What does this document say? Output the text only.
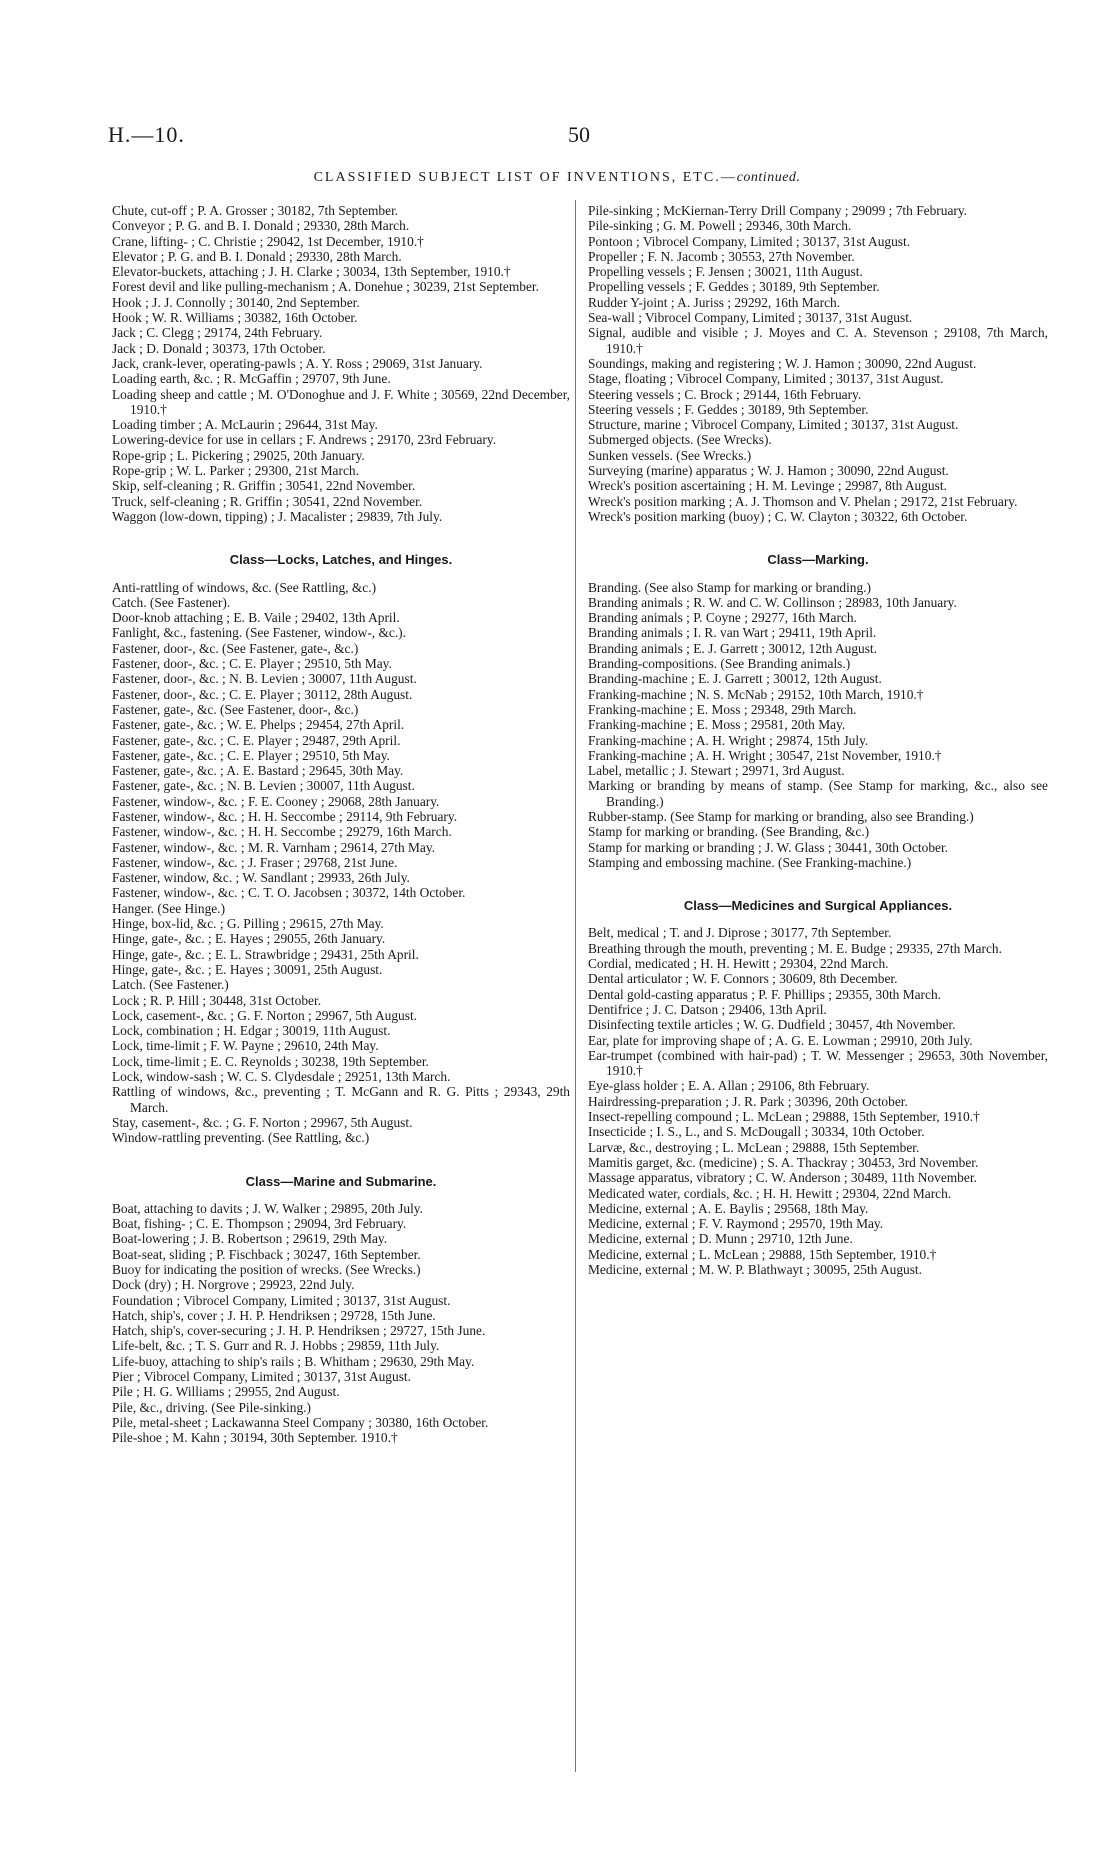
H.—10.	50
CLASSIFIED SUBJECT LIST OF INVENTIONS, ETC.—continued.
Chute, cut-off ; P. A. Grosser ; 30182, 7th September.
Conveyor ; P. G. and B. I. Donald ; 29330, 28th March.
Crane, lifting- ; C. Christie ; 29042, 1st December, 1910.†
Elevator ; P. G. and B. I. Donald ; 29330, 28th March.
Elevator-buckets, attaching ; J. H. Clarke ; 30034, 13th September, 1910.†
Forest devil and like pulling-mechanism ; A. Donehue ; 30239, 21st September.
Hook ; J. J. Connolly ; 30140, 2nd September.
Hook ; W. R. Williams ; 30382, 16th October.
Jack ; C. Clegg ; 29174, 24th February.
Jack ; D. Donald ; 30373, 17th October.
Jack, crank-lever, operating-pawls ; A. Y. Ross ; 29069, 31st January.
Loading earth, &c. ; R. McGaffin ; 29707, 9th June.
Loading sheep and cattle ; M. O'Donoghue and J. F. White ; 30569, 22nd December, 1910.†
Loading timber ; A. McLaurin ; 29644, 31st May.
Lowering-device for use in cellars ; F. Andrews ; 29170, 23rd February.
Rope-grip ; L. Pickering ; 29025, 20th January.
Rope-grip ; W. L. Parker ; 29300, 21st March.
Skip, self-cleaning ; R. Griffin ; 30541, 22nd November.
Truck, self-cleaning ; R. Griffin ; 30541, 22nd November.
Waggon (low-down, tipping) ; J. Macalister ; 29839, 7th July.
Class—Locks, Latches, and Hinges.
Anti-rattling of windows, &c. (See Rattling, &c.)
Catch. (See Fastener).
Door-knob attaching ; E. B. Vaile ; 29402, 13th April.
Fanlight, &c., fastening. (See Fastener, window-, &c.).
Fastener, door-, &c. (See Fastener, gate-, &c.)
Fastener, door-, &c. ; C. E. Player ; 29510, 5th May.
Fastener, door-, &c. ; N. B. Levien ; 30007, 11th August.
Fastener, door-, &c. ; C. E. Player ; 30112, 28th August.
Fastener, gate-, &c. (See Fastener, door-, &c.)
Fastener, gate-, &c. ; W. E. Phelps ; 29454, 27th April.
Fastener, gate-, &c. ; C. E. Player ; 29487, 29th April.
Fastener, gate-, &c. ; C. E. Player ; 29510, 5th May.
Fastener, gate-, &c. ; A. E. Bastard ; 29645, 30th May.
Fastener, gate-, &c. ; N. B. Levien ; 30007, 11th August.
Fastener, window-, &c. ; F. E. Cooney ; 29068, 28th January.
Fastener, window-, &c. ; H. H. Seccombe ; 29114, 9th February.
Fastener, window-, &c. ; H. H. Seccombe ; 29279, 16th March.
Fastener, window-, &c. ; M. R. Varnham ; 29614, 27th May.
Fastener, window-, &c. ; J. Fraser ; 29768, 21st June.
Fastener, window, &c. ; W. Sandlant ; 29933, 26th July.
Fastener, window-, &c. ; C. T. O. Jacobsen ; 30372, 14th October.
Hanger. (See Hinge.)
Hinge, box-lid, &c. ; G. Pilling ; 29615, 27th May.
Hinge, gate-, &c. ; E. Hayes ; 29055, 26th January.
Hinge, gate-, &c. ; E. L. Strawbridge ; 29431, 25th April.
Hinge, gate-, &c. ; E. Hayes ; 30091, 25th August.
Latch. (See Fastener.)
Lock ; R. P. Hill ; 30448, 31st October.
Lock, casement-, &c. ; G. F. Norton ; 29967, 5th August.
Lock, combination ; H. Edgar ; 30019, 11th August.
Lock, time-limit ; F. W. Payne ; 29610, 24th May.
Lock, time-limit ; E. C. Reynolds ; 30238, 19th September.
Lock, window-sash ; W. C. S. Clydesdale ; 29251, 13th March.
Rattling of windows, &c., preventing ; T. McGann and R. G. Pitts ; 29343, 29th March.
Stay, casement-, &c. ; G. F. Norton ; 29967, 5th August.
Window-rattling preventing. (See Rattling, &c.)
Class—Marine and Submarine.
Boat, attaching to davits ; J. W. Walker ; 29895, 20th July.
Boat, fishing- ; C. E. Thompson ; 29094, 3rd February.
Boat-lowering ; J. B. Robertson ; 29619, 29th May.
Boat-seat, sliding ; P. Fischback ; 30247, 16th September.
Buoy for indicating the position of wrecks. (See Wrecks.)
Dock (dry) ; H. Norgrove ; 29923, 22nd July.
Foundation ; Vibrocel Company, Limited ; 30137, 31st August.
Hatch, ship's, cover ; J. H. P. Hendriksen ; 29728, 15th June.
Hatch, ship's, cover-securing ; J. H. P. Hendriksen ; 29727, 15th June.
Life-belt, &c. ; T. S. Gurr and R. J. Hobbs ; 29859, 11th July.
Life-buoy, attaching to ship's rails ; B. Whitham ; 29630, 29th May.
Pier ; Vibrocel Company, Limited ; 30137, 31st August.
Pile ; H. G. Williams ; 29955, 2nd August.
Pile, &c., driving. (See Pile-sinking.)
Pile, metal-sheet ; Lackawanna Steel Company ; 30380, 16th October.
Pile-shoe ; M. Kahn ; 30194, 30th September. 1910.†
Pile-sinking ; McKiernan-Terry Drill Company ; 29099 ; 7th February.
Pile-sinking ; G. M. Powell ; 29346, 30th March.
Pontoon ; Vibrocel Company, Limited ; 30137, 31st August.
Propeller ; F. N. Jacomb ; 30553, 27th November.
Propelling vessels ; F. Jensen ; 30021, 11th August.
Propelling vessels ; F. Geddes ; 30189, 9th September.
Rudder Y-joint ; A. Juriss ; 29292, 16th March.
Sea-wall ; Vibrocel Company, Limited ; 30137, 31st August.
Signal, audible and visible ; J. Moyes and C. A. Stevenson ; 29108, 7th March, 1910.†
Soundings, making and registering ; W. J. Hamon ; 30090, 22nd August.
Stage, floating ; Vibrocel Company, Limited ; 30137, 31st August.
Steering vessels ; C. Brock ; 29144, 16th February.
Steering vessels ; F. Geddes ; 30189, 9th September.
Structure, marine ; Vibrocel Company, Limited ; 30137, 31st August.
Submerged objects. (See Wrecks).
Sunken vessels. (See Wrecks.)
Surveying (marine) apparatus ; W. J. Hamon ; 30090, 22nd August.
Wreck's position ascertaining ; H. M. Levinge ; 29987, 8th August.
Wreck's position marking ; A. J. Thomson and V. Phelan ; 29172, 21st February.
Wreck's position marking (buoy) ; C. W. Clayton ; 30322, 6th October.
Class—Marking.
Branding. (See also Stamp for marking or branding.)
Branding animals ; R. W. and C. W. Collinson ; 28983, 10th January.
Branding animals ; P. Coyne ; 29277, 16th March.
Branding animals ; I. R. van Wart ; 29411, 19th April.
Branding animals ; E. J. Garrett ; 30012, 12th August.
Branding-compositions. (See Branding animals.)
Branding-machine ; E. J. Garrett ; 30012, 12th August.
Franking-machine ; N. S. McNab ; 29152, 10th March, 1910.†
Franking-machine ; E. Moss ; 29348, 29th March.
Franking-machine ; E. Moss ; 29581, 20th May.
Franking-machine ; A. H. Wright ; 29874, 15th July.
Franking-machine ; A. H. Wright ; 30547, 21st November, 1910.†
Label, metallic ; J. Stewart ; 29971, 3rd August.
Marking or branding by means of stamp. (See Stamp for marking, &c., also see Branding.)
Rubber-stamp. (See Stamp for marking or branding, also see Branding.)
Stamp for marking or branding. (See Branding, &c.)
Stamp for marking or branding ; J. W. Glass ; 30441, 30th October.
Stamping and embossing machine. (See Franking-machine.)
Class—Medicines and Surgical Appliances.
Belt, medical ; T. and J. Diprose ; 30177, 7th September.
Breathing through the mouth, preventing ; M. E. Budge ; 29335, 27th March.
Cordial, medicated ; H. H. Hewitt ; 29304, 22nd March.
Dental articulator ; W. F. Connors ; 30609, 8th December.
Dental gold-casting apparatus ; P. F. Phillips ; 29355, 30th March.
Dentifrice ; J. C. Datson ; 29406, 13th April.
Disinfecting textile articles ; W. G. Dudfield ; 30457, 4th November.
Ear, plate for improving shape of ; A. G. E. Lowman ; 29910, 20th July.
Ear-trumpet (combined with hair-pad) ; T. W. Messenger ; 29653, 30th November, 1910.†
Eye-glass holder ; E. A. Allan ; 29106, 8th February.
Hairdressing-preparation ; J. R. Park ; 30396, 20th October.
Insect-repelling compound ; L. McLean ; 29888, 15th September, 1910.†
Insecticide ; I. S., L., and S. McDougall ; 30334, 10th October.
Larvæ, &c., destroying ; L. McLean ; 29888, 15th September.
Mamitis garget, &c. (medicine) ; S. A. Thackray ; 30453, 3rd November.
Massage apparatus, vibratory ; C. W. Anderson ; 30489, 11th November.
Medicated water, cordials, &c. ; H. H. Hewitt ; 29304, 22nd March.
Medicine, external ; A. E. Baylis ; 29568, 18th May.
Medicine, external ; F. V. Raymond ; 29570, 19th May.
Medicine, external ; D. Munn ; 29710, 12th June.
Medicine, external ; L. McLean ; 29888, 15th September, 1910.†
Medicine, external ; M. W. P. Blathwayt ; 30095, 25th August.
